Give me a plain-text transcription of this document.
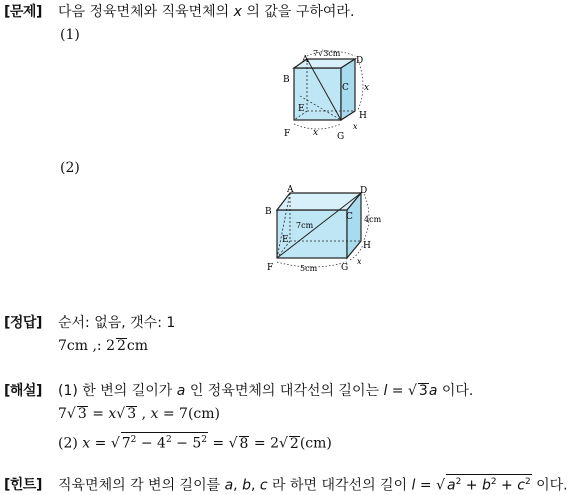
[문제] 다음 정육면체와 직육면체의 x 의 값을 구하여라.
(1)
A
B
C
D
E
F	G
H
7√3cm
x
x
x
(2)
A
B	C
D
E
F	G
H
7cm
4cm
5cm
x
[정답] 순서: 없음, 갯수: 1
7cm ,: 2 2cm
[해설] (1) 한 변의 길이가 a 인 정육면체의 대각선의 길이는 l = √ 3a 이다.
7√ 3 = x√ 3 , x = 7(cm)
(2) x = √ $7^2 - 4^2 - 5^2$ = √ 8 = 2√ 2(cm)
[힌트] 직육면체의 각 변의 길이를 a, b, c 라 하면 대각선의 길이 l = √ $a^2 + b^2 + c^2$ 이다.
